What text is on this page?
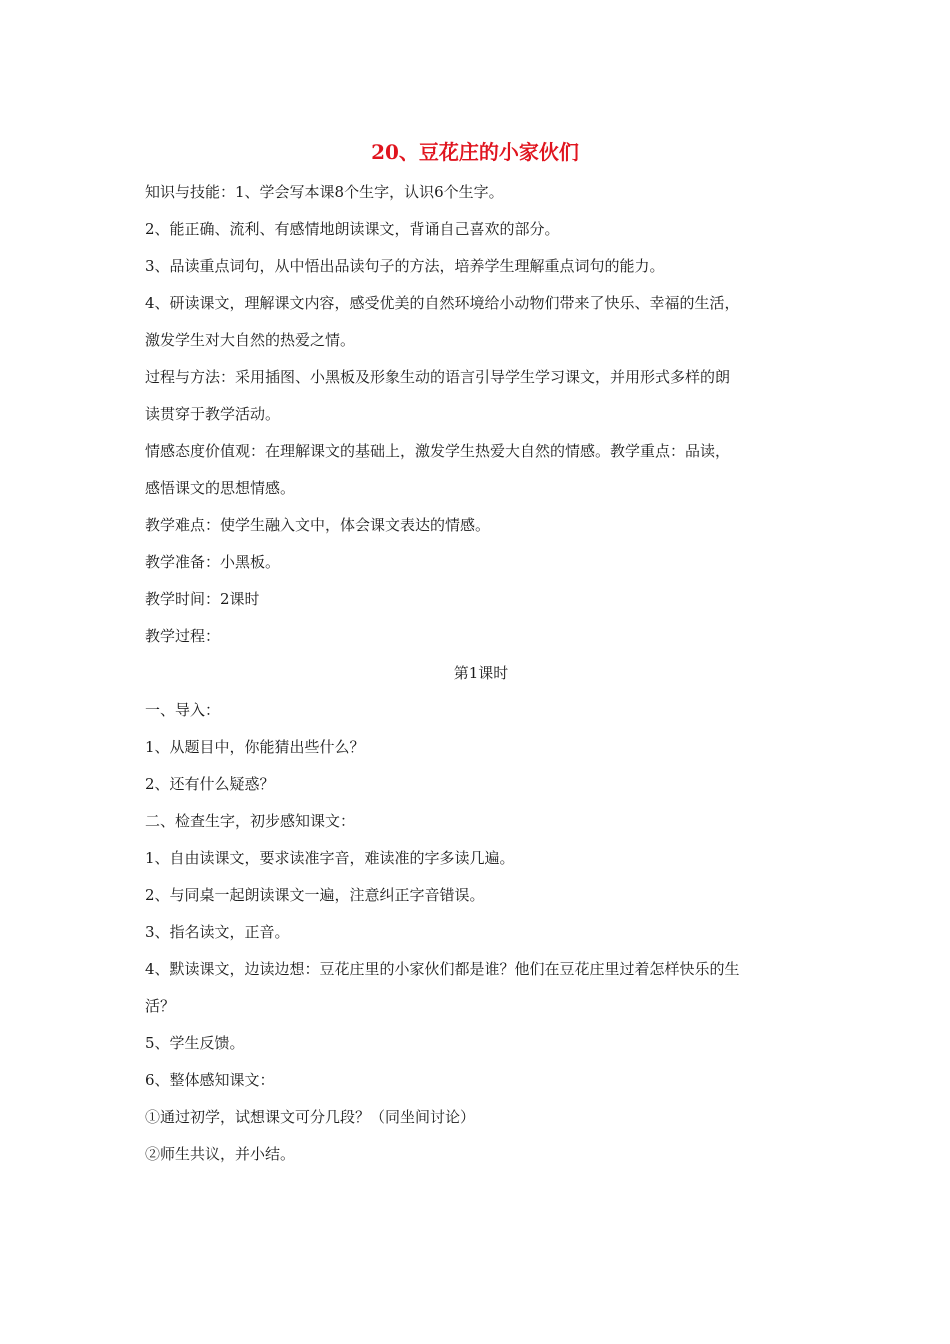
20、豆花庄的小家伙们
知识与技能：1、学会写本课8个生字，认识6个生字。
2、能正确、流利、有感情地朗读课文，背诵自己喜欢的部分。
3、品读重点词句，从中悟出品读句子的方法，培养学生理解重点词句的能力。
4、研读课文，理解课文内容，感受优美的自然环境给小动物们带来了快乐、幸福的生活，
激发学生对大自然的热爱之情。
过程与方法：采用插图、小黑板及形象生动的语言引导学生学习课文，并用形式多样的朗
读贯穿于教学活动。
情感态度价值观：在理解课文的基础上，激发学生热爱大自然的情感。教学重点：品读，
感悟课文的思想情感。
教学难点：使学生融入文中，体会课文表达的情感。
教学准备：小黑板。
教学时间：2课时
教学过程：
第1课时
一、导入：
1、从题目中，你能猜出些什么？
2、还有什么疑惑？
二、检查生字，初步感知课文：
1、自由读课文，要求读准字音，难读准的字多读几遍。
2、与同桌一起朗读课文一遍，注意纠正字音错误。
3、指名读文，正音。
4、默读课文，边读边想：豆花庄里的小家伙们都是谁？他们在豆花庄里过着怎样快乐的生
活？
5、学生反馈。
6、整体感知课文：
①通过初学，试想课文可分几段？（同坐间讨论）
②师生共议，并小结。
